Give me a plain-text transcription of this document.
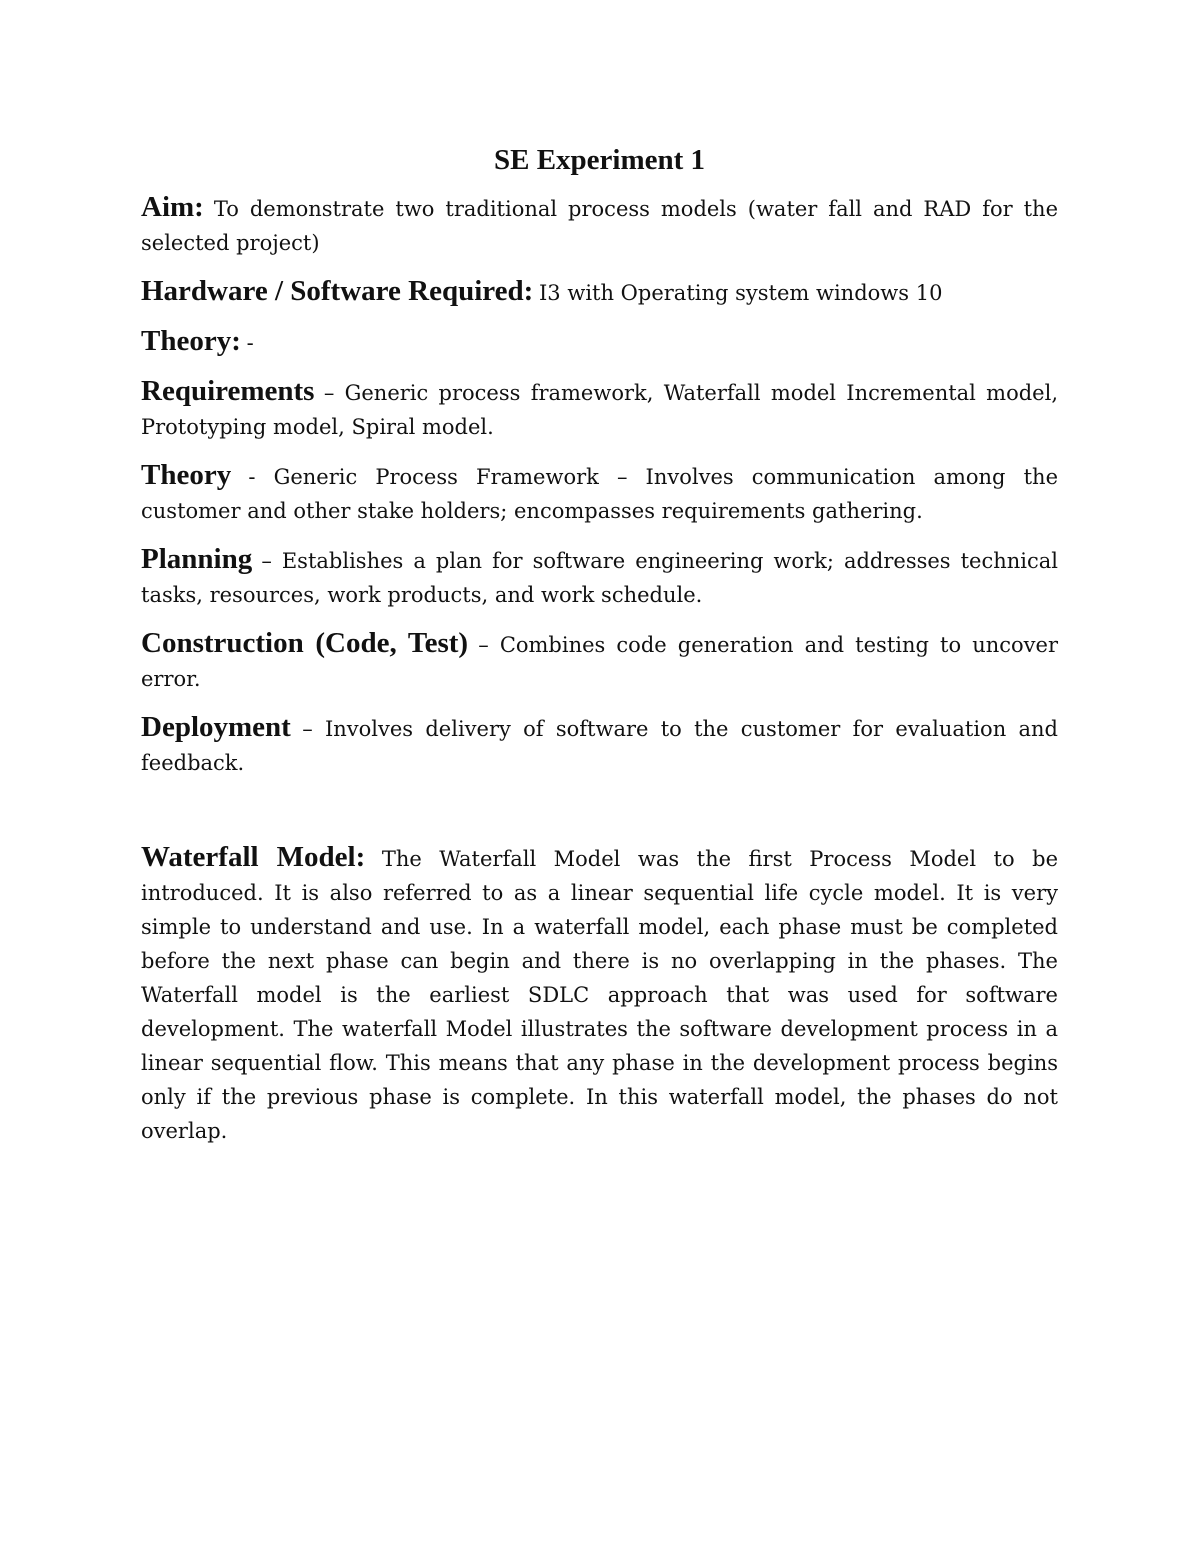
SE Experiment 1

Aim: To demonstrate two traditional process models (water fall and RAD for the selected project)

Hardware / Software Required: I3 with Operating system windows 10

Theory: -

Requirements – Generic process framework, Waterfall model Incremental model, Prototyping model, Spiral model.

Theory - Generic Process Framework – Involves communication among the customer and other stake holders; encompasses requirements gathering.

Planning – Establishes a plan for software engineering work; addresses technical tasks, resources, work products, and work schedule.

Construction (Code, Test) – Combines code generation and testing to uncover error.

Deployment – Involves delivery of software to the customer for evaluation and feedback.

Waterfall Model: The Waterfall Model was the first Process Model to be introduced. It is also referred to as a linear sequential life cycle model. It is very simple to understand and use. In a waterfall model, each phase must be completed before the next phase can begin and there is no overlapping in the phases. The Waterfall model is the earliest SDLC approach that was used for software development. The waterfall Model illustrates the software development process in a linear sequential flow. This means that any phase in the development process begins only if the previous phase is complete. In this waterfall model, the phases do not overlap.
